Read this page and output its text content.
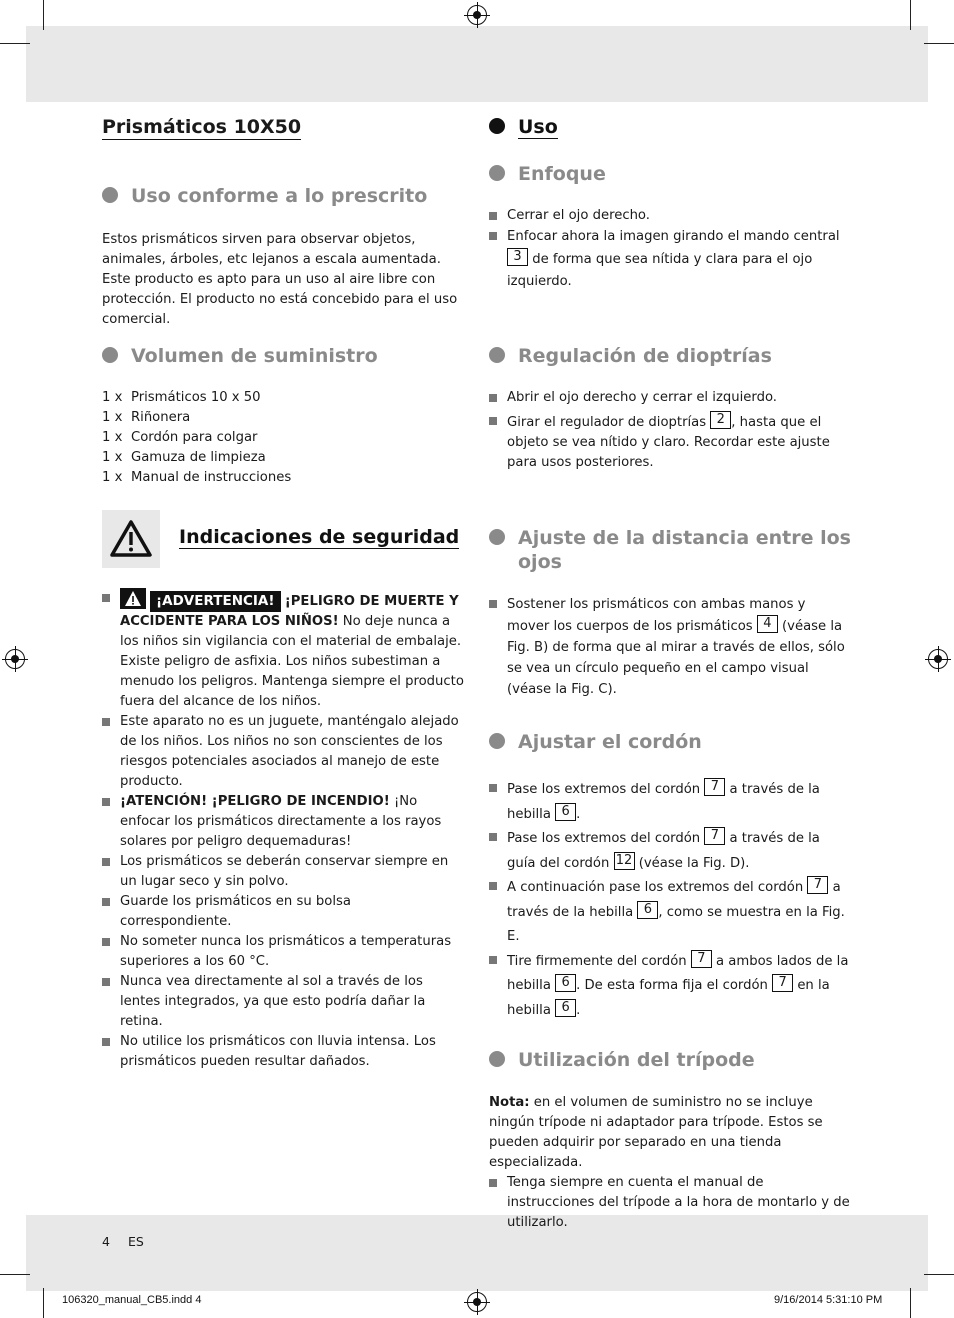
Prismáticos 10X50
Uso conforme a lo prescrito
Estos prismáticos sirven para observar objetos, animales, árboles, etc lejanos a escala aumentada. Este producto es apto para un uso al aire libre con protección. El producto no está concebido para el uso comercial.
Volumen de suministro
1 x Prismáticos 10 x 50
1 x Riñonera
1 x Cordón para colgar
1 x Gamuza de limpieza
1 x Manual de instrucciones
Indicaciones de seguridad
¡ADVERTENCIA! ¡PELIGRO DE MUERTE Y ACCIDENTE PARA LOS NIÑOS! No deje nunca a los niños sin vigilancia con el material de embalaje. Existe peligro de asfixia. Los niños subestiman a menudo los peligros. Mantenga siempre el producto fuera del alcance de los niños.
Este aparato no es un juguete, manténgalo alejado de los niños. Los niños no son conscientes de los riesgos potenciales asociados al manejo de este producto.
¡ATENCIÓN! ¡PELIGRO DE INCENDIO! ¡No enfocar los prismáticos directamente a los rayos solares por peligro dequemaduras!
Los prismáticos se deberán conservar siempre en un lugar seco y sin polvo.
Guarde los prismáticos en su bolsa correspondiente.
No someter nunca los prismáticos a temperaturas superiores a los 60 °C.
Nunca vea directamente al sol a través de los lentes integrados, ya que esto podría dañar la retina.
No utilice los prismáticos con lluvia intensa. Los prismáticos pueden resultar dañados.
Uso
Enfoque
Cerrar el ojo derecho.
Enfocar ahora la imagen girando el mando central
3 de forma que sea nítida y clara para el ojo izquierdo.
Regulación de dioptrías
Abrir el ojo derecho y cerrar el izquierdo.
Girar el regulador de dioptrías 2 , hasta que el objeto se vea nítido y claro. Recordar este ajuste para usos posteriores.
Ajuste de la distancia entre los
ojos
Sostener los prismáticos con ambas manos y mover los cuerpos de los prismáticos 4 (véase la Fig. B) de forma que al mirar a través de ellos, sólo se vea un círculo pequeño en el campo visual (véase la Fig. C).
Ajustar el cordón
Pase los extremos del cordón 7 a través de la hebilla 6 .
Pase los extremos del cordón 7 a través de la guía del cordón 12 (véase la Fig. D).
A continuación pase los extremos del cordón 7 a través de la hebilla 6 , como se muestra en la Fig. E.
Tire firmemente del cordón 7 a ambos lados de la hebilla 6 . De esta forma fija el cordón 7 en la hebilla 6 .
Utilización del trípode
Nota: en el volumen de suministro no se incluye ningún trípode ni adaptador para trípode. Estos se pueden adquirir por separado en una tienda especializada.
Tenga siempre en cuenta el manual de instrucciones del trípode a la hora de montarlo y de utilizarlo.
4 ES
106320_manual_CB5.indd 4	9/16/2014 5:31:10 PM
